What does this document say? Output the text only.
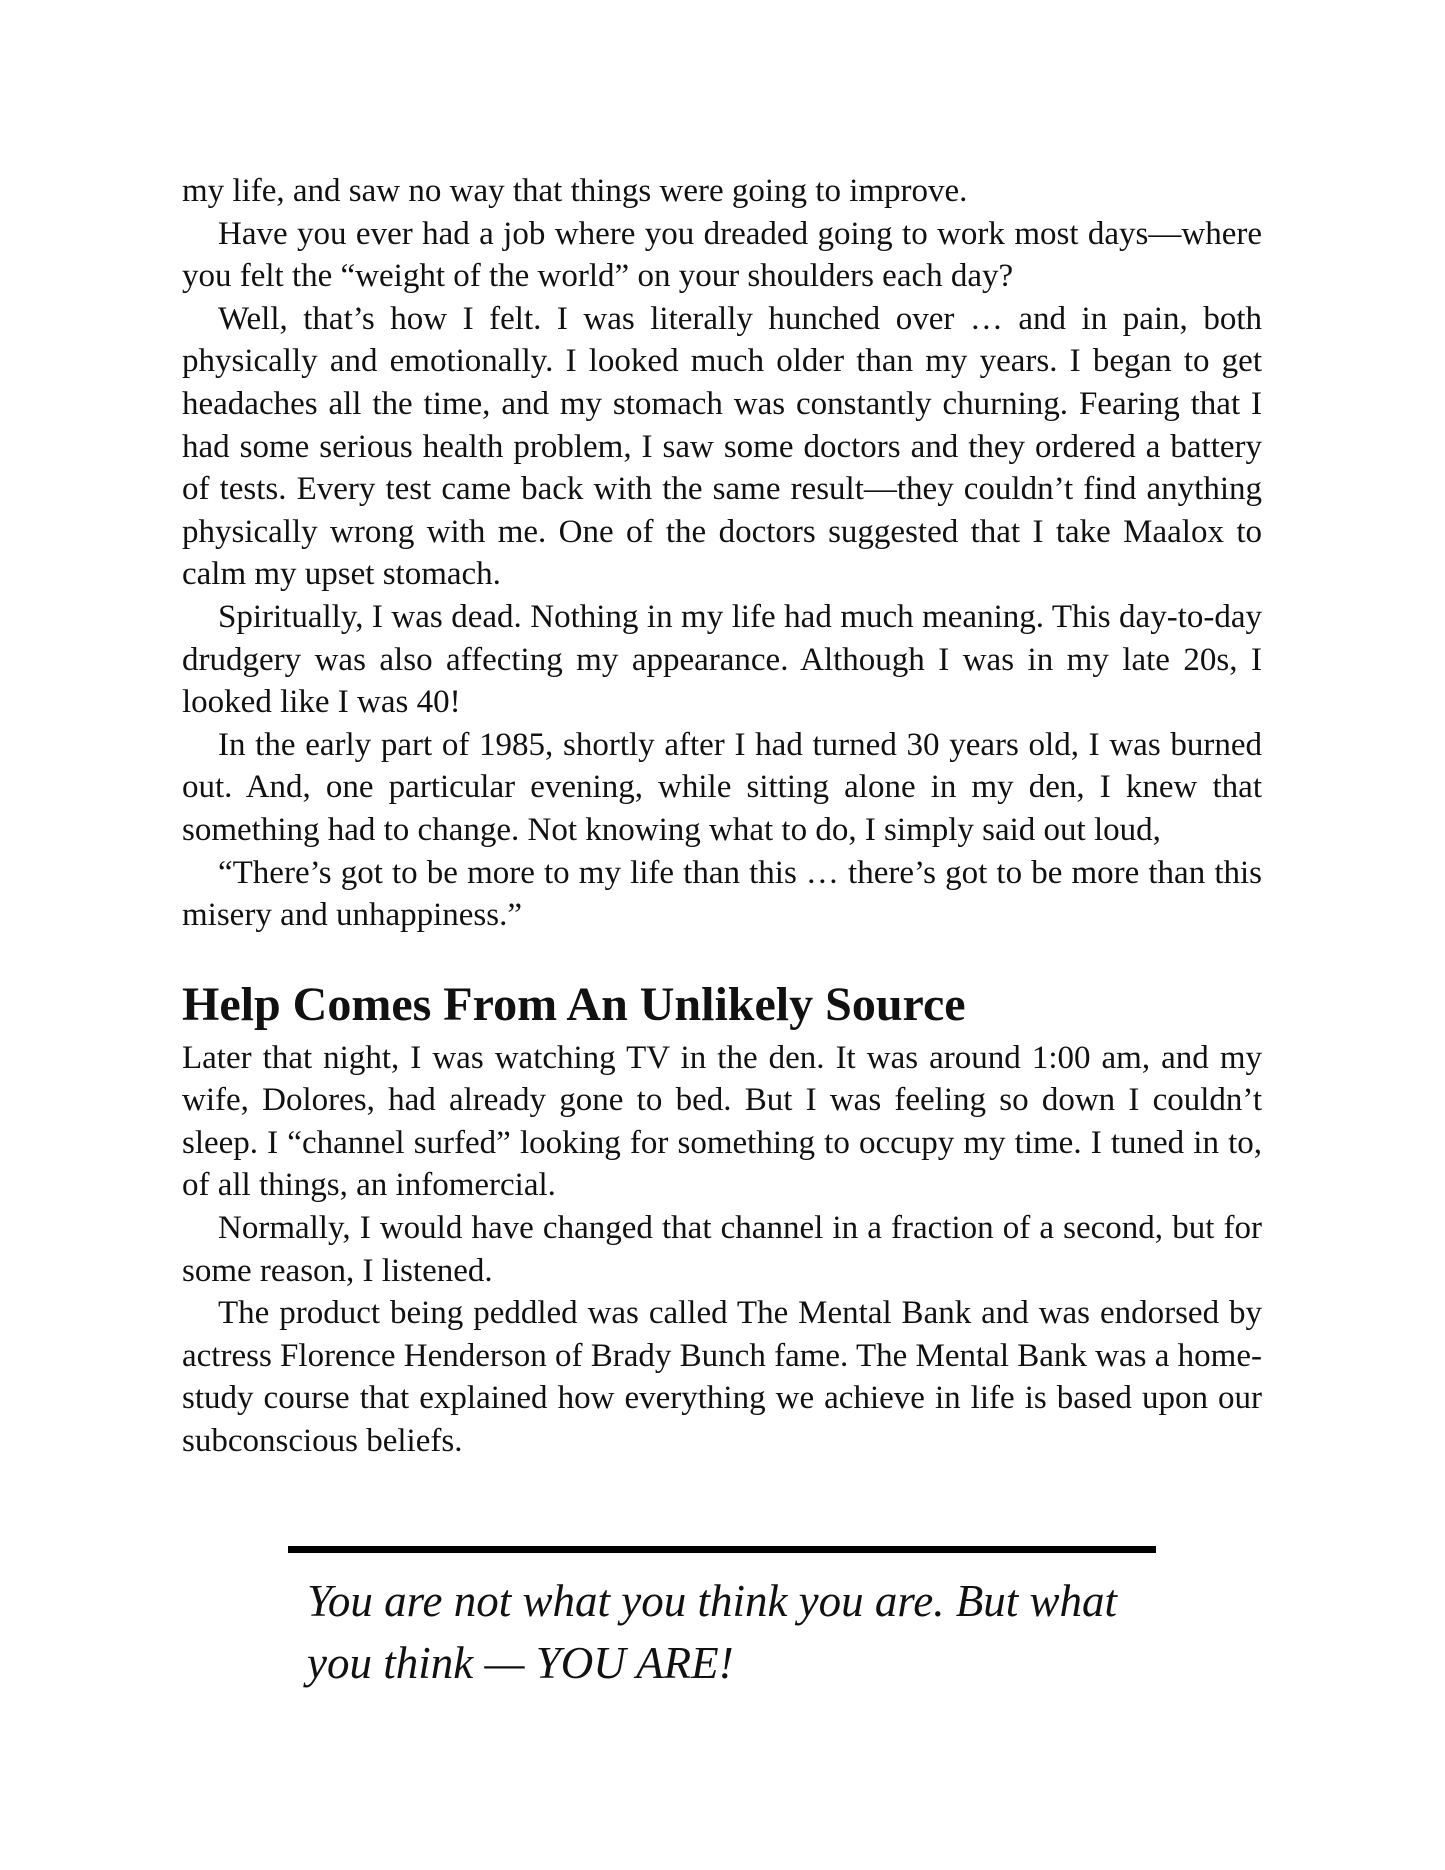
my life, and saw no way that things were going to improve.

Have you ever had a job where you dreaded going to work most days—where you felt the “weight of the world” on your shoulders each day?

Well, that’s how I felt. I was literally hunched over … and in pain, both physically and emotionally. I looked much older than my years. I began to get headaches all the time, and my stomach was constantly churning. Fearing that I had some serious health problem, I saw some doctors and they ordered a battery of tests. Every test came back with the same result—they couldn’t find anything physically wrong with me. One of the doctors suggested that I take Maalox to calm my upset stomach.

Spiritually, I was dead. Nothing in my life had much meaning. This day-to-day drudgery was also affecting my appearance. Although I was in my late 20s, I looked like I was 40!

In the early part of 1985, shortly after I had turned 30 years old, I was burned out. And, one particular evening, while sitting alone in my den, I knew that something had to change. Not knowing what to do, I simply said out loud,

“There’s got to be more to my life than this … there’s got to be more than this misery and unhappiness.”

Help Comes From An Unlikely Source

Later that night, I was watching TV in the den. It was around 1:00 am, and my wife, Dolores, had already gone to bed. But I was feeling so down I couldn’t sleep. I “channel surfed” looking for something to occupy my time. I tuned in to, of all things, an infomercial.

Normally, I would have changed that channel in a fraction of a second, but for some reason, I listened.

The product being peddled was called The Mental Bank and was endorsed by actress Florence Henderson of Brady Bunch fame. The Mental Bank was a home-study course that explained how everything we achieve in life is based upon our subconscious beliefs.

You are not what you think you are. But what you think — YOU ARE!
